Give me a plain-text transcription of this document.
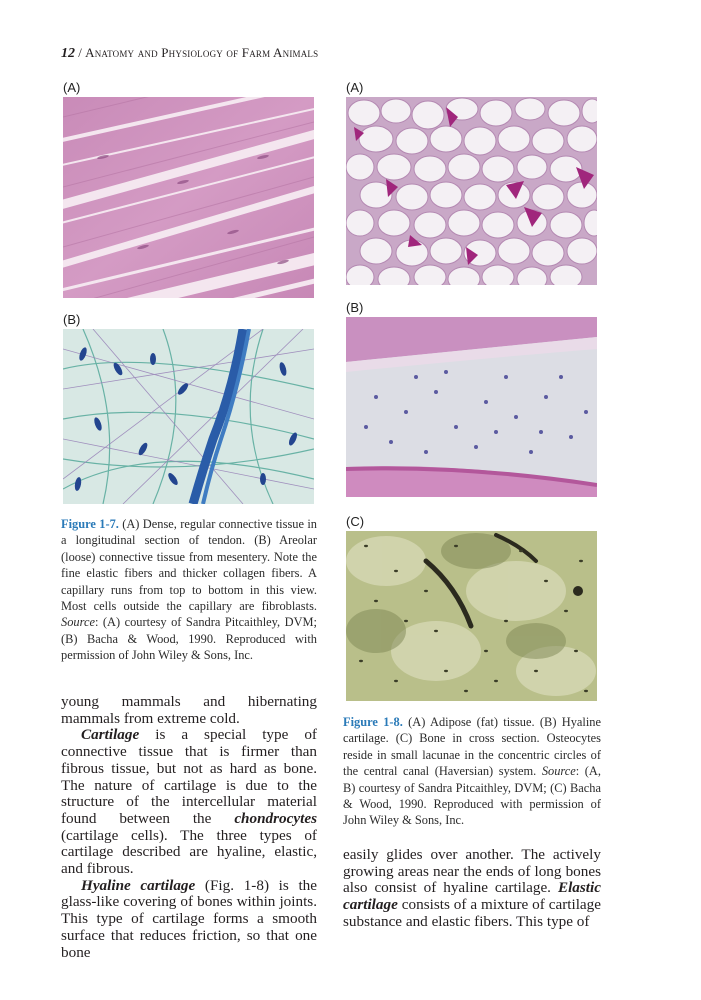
12 / Anatomy and Physiology of Farm Animals
(A)
(B)
Figure 1-7. (A) Dense, regular connective tissue in a longitudinal section of tendon. (B) Areolar (loose) connective tissue from mesentery. Note the fine elastic fibers and thicker collagen fibers. A capillary runs from top to bottom in this view. Most cells outside the capillary are fibroblasts. Source: (A) courtesy of Sandra Pitcaithley, DVM; (B) Bacha & Wood, 1990. Reproduced with permission of John Wiley & Sons, Inc.

young mammals and hibernating mammals from extreme cold.

Cartilage is a special type of connective tissue that is firmer than fibrous tissue, but not as hard as bone. The nature of cartilage is due to the structure of the intercellular material found between the chondrocytes (cartilage cells). The three types of cartilage described are hyaline, elastic, and fibrous.

Hyaline cartilage (Fig. 1-8) is the glass-like covering of bones within joints. This type of cartilage forms a smooth surface that reduces friction, so that one bone

(A)
(B)
(C)
Figure 1-8. (A) Adipose (fat) tissue. (B) Hyaline cartilage. (C) Bone in cross section. Osteocytes reside in small lacunae in the concentric circles of the central canal (Haversian) system. Source: (A, B) courtesy of Sandra Pitcaithley, DVM; (C) Bacha & Wood, 1990. Reproduced with permission of John Wiley & Sons, Inc.

easily glides over another. The actively growing areas near the ends of long bones also consist of hyaline cartilage. Elastic cartilage consists of a mixture of cartilage substance and elastic fibers. This type of
